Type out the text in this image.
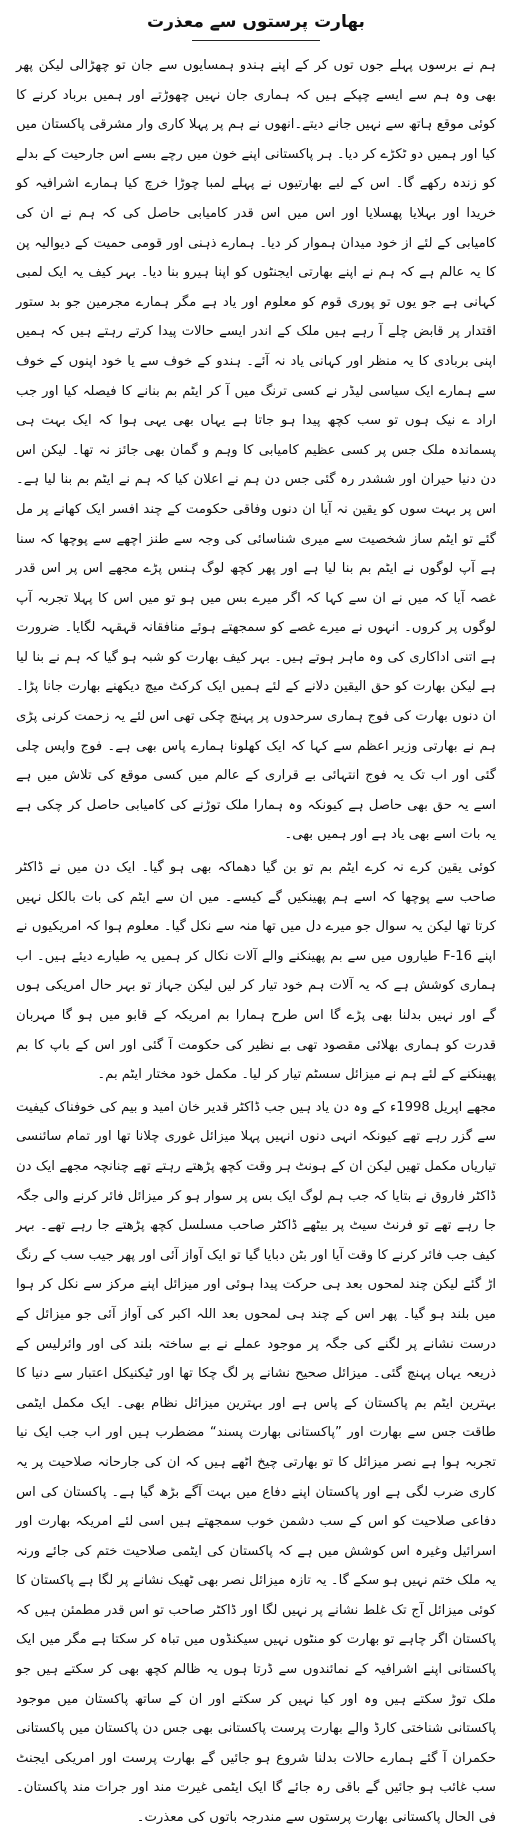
بھارت پرستوں سے معذرت

ہم نے برسوں پہلے جوں توں کر کے اپنے ہندو ہمسایوں سے جان تو چھڑالی لیکن پھر بھی وہ ہم سے ایسے چپکے ہیں کہ ہماری جان نہیں چھوڑتے اور ہمیں برباد کرنے کا کوئی موقع ہاتھ سے نہیں جانے دیتے۔انھوں نے ہم پر پہلا کاری وار مشرقی پاکستان میں کیا اور ہمیں دو ٹکڑے کر دیا۔ ہر پاکستانی اپنے خون میں رچے بسے اس جارحیت کے بدلے کو زندہ رکھے گا۔ اس کے لیے بھارتیوں نے پہلے لمبا چوڑا خرچ کیا ہمارے اشرافیہ کو خریدا اور بہلایا پھسلایا اور اس میں اس قدر کامیابی حاصل کی کہ ہم نے ان کی کامیابی کے لئے از خود میدان ہموار کر دیا۔ ہمارے ذہنی اور قومی حمیت کے دیوالیہ پن کا یہ عالم ہے کہ ہم نے اپنے بھارتی ایجنٹوں کو اپنا ہیرو بنا دیا۔ بہر کیف یہ ایک لمبی کہانی ہے جو یوں تو پوری قوم کو معلوم اور یاد ہے مگر ہمارے مجرمین جو بد ستور اقتدار پر قابض چلے آ رہے ہیں ملک کے اندر ایسے حالات پیدا کرتے رہتے ہیں کہ ہمیں اپنی بربادی کا یہ منظر اور کہانی یاد نہ آئے۔ ہندو کے خوف سے یا خود اپنوں کے خوف سے ہمارے ایک سیاسی لیڈر نے کسی ترنگ میں آ کر ایٹم بم بنانے کا فیصلہ کیا اور جب اراد ے نیک ہوں تو سب کچھ پیدا ہو جاتا ہے یہاں بھی یہی ہوا کہ ایک بہت ہی پسماندہ ملک جس پر کسی عظیم کامیابی کا وہم و گمان بھی جائز نہ تھا۔ لیکن اس دن دنیا حیران اور ششدر رہ گئی جس دن ہم نے اعلان کیا کہ ہم نے ایٹم بم بنا لیا ہے۔اس پر بہت سوں کو یقین نہ آیا ان دنوں وفاقی حکومت کے چند افسر ایک کھانے پر مل گئے تو ایٹم ساز شخصیت سے میری شناسائی کی وجہ سے طنز اچھے سے پوچھا کہ سنا ہے آپ لوگوں نے ایٹم بم بنا لیا ہے اور پھر کچھ لوگ ہنس پڑے مجھے اس پر اس قدر غصہ آیا کہ میں نے ان سے کہا کہ اگر میرے بس میں ہو تو میں اس کا پہلا تجربہ آپ لوگوں پر کروں۔ انہوں نے میرے غصے کو سمجھتے ہوئے منافقانہ قہقہہ لگایا۔ ضرورت ہے اتنی اداکاری کی وہ ماہر ہوتے ہیں۔ بہر کیف بھارت کو شبہ ہو گیا کہ ہم نے بنا لیا ہے لیکن بھارت کو حق الیقین دلانے کے لئے ہمیں ایک کرکٹ میچ دیکھنے بھارت جانا پڑا۔ ان دنوں بھارت کی فوج ہماری سرحدوں پر پہنچ چکی تھی اس لئے یہ زحمت کرنی پڑی ہم نے بھارتی وزیر اعظم سے کہا کہ ایک کھلونا ہمارے پاس بھی ہے۔ فوج واپس چلی گئی اور اب تک یہ فوج انتہائی بے قراری کے عالم میں کسی موقع کی تلاش میں ہے اسے یہ حق بھی حاصل ہے کیونکہ وہ ہمارا ملک توڑنے کی کامیابی حاصل کر چکی ہے یہ بات اسے بھی یاد ہے اور ہمیں بھی۔

کوئی یقین کرے نہ کرے ایٹم بم تو بن گیا دھماکہ بھی ہو گیا۔ ایک دن میں نے ڈاکٹر صاحب سے پوچھا کہ اسے ہم پھینکیں گے کیسے۔ میں ان سے ایٹم کی بات بالکل نہیں کرتا تھا لیکن یہ سوال جو میرے دل میں تھا منہ سے نکل گیا۔ معلوم ہوا کہ امریکیوں نے اپنے F-16 طیاروں میں سے بم پھینکنے والے آلات نکال کر ہمیں یہ طیارے دیئے ہیں۔ اب ہماری کوشش ہے کہ یہ آلات ہم خود تیار کر لیں لیکن جہاز تو بہر حال امریکی ہوں گے اور نہیں بدلنا بھی پڑے گا اس طرح ہمارا بم امریکہ کے قابو میں ہو گا مہربان قدرت کو ہماری بھلائی مقصود تھی بے نظیر کی حکومت آ گئی اور اس کے باپ کا بم پھینکنے کے لئے ہم نے میزائل سسٹم تیار کر لیا۔ مکمل خود مختار ایٹم بم۔

مجھے اپریل 1998ء کے وہ دن یاد ہیں جب ڈاکٹر قدیر خان امید و بیم کی خوفناک کیفیت سے گزر رہے تھے کیونکہ انہی دنوں انہیں پہلا میزائل غوری چلانا تھا اور تمام سائنسی تیاریاں مکمل تھیں لیکن ان کے ہونٹ ہر وقت کچھ پڑھتے رہتے تھے چنانچہ مجھے ایک دن ڈاکٹر فاروق نے بتایا کہ جب ہم لوگ ایک بس پر سوار ہو کر میزائل فائر کرنے والی جگہ جا رہے تھے تو فرنٹ سیٹ پر بیٹھے ڈاکٹر صاحب مسلسل کچھ پڑھتے جا رہے تھے۔ بہر کیف جب فائر کرنے کا وقت آیا اور بٹن دبایا گیا تو ایک آواز آئی اور پھر جیب سب کے رنگ اڑ گئے لیکن چند لمحوں بعد ہی حرکت پیدا ہوئی اور میزائل اپنے مرکز سے نکل کر ہوا میں بلند ہو گیا۔ پھر اس کے چند ہی لمحوں بعد اللہ اکبر کی آواز آئی جو میزائل کے درست نشانے پر لگنے کی جگہ پر موجود عملے نے بے ساختہ بلند کی اور وائرلیس کے ذریعہ یہاں پہنچ گئی۔ میزائل صحیح نشانے پر لگ چکا تھا اور ٹیکنیکل اعتبار سے دنیا کا بہترین ایٹم بم پاکستان کے پاس ہے اور بہترین میزائل نظام بھی۔ ایک مکمل ایٹمی طاقت جس سے بھارت اور ”پاکستانی بھارت پسند“ مضطرب ہیں اور اب جب ایک نیا تجربہ ہوا ہے نصر میزائل کا تو بھارتی چیخ اٹھے ہیں کہ ان کی جارحانہ صلاحیت پر یہ کاری ضرب لگی ہے اور پاکستان اپنے دفاع میں بہت آگے بڑھ گیا ہے۔ پاکستان کی اس دفاعی صلاحیت کو اس کے سب دشمن خوب سمجھتے ہیں اسی لئے امریکہ بھارت اور اسرائیل وغیرہ اس کوشش میں ہے کہ پاکستان کی ایٹمی صلاحیت ختم کی جائے ورنہ یہ ملک ختم نہیں ہو سکے گا۔ یہ تازہ میزائل نصر بھی ٹھیک نشانے پر لگا ہے پاکستان کا کوئی میزائل آج تک غلط نشانے پر نہیں لگا اور ڈاکٹر صاحب تو اس قدر مطمئن ہیں کہ پاکستان اگر چاہے تو بھارت کو منٹوں نہیں سیکنڈوں میں تباہ کر سکتا ہے مگر میں ایک پاکستانی اپنے اشرافیہ کے نمائندوں سے ڈرتا ہوں یہ ظالم کچھ بھی کر سکتے ہیں جو ملک توڑ سکتے ہیں وہ اور کیا نہیں کر سکتے اور ان کے ساتھ پاکستان میں موجود پاکستانی شناختی کارڈ والے بھارت پرست پاکستانی بھی جس دن پاکستان میں پاکستانی حکمران آ گئے ہمارے حالات بدلنا شروع ہو جائیں گے بھارت پرست اور امریکی ایجنٹ سب غائب ہو جائیں گے باقی رہ جائے گا ایک ایٹمی غیرت مند اور جرات مند پاکستان۔ فی الحال پاکستانی بھارت پرستوں سے مندرجہ باتوں کی معذرت۔
